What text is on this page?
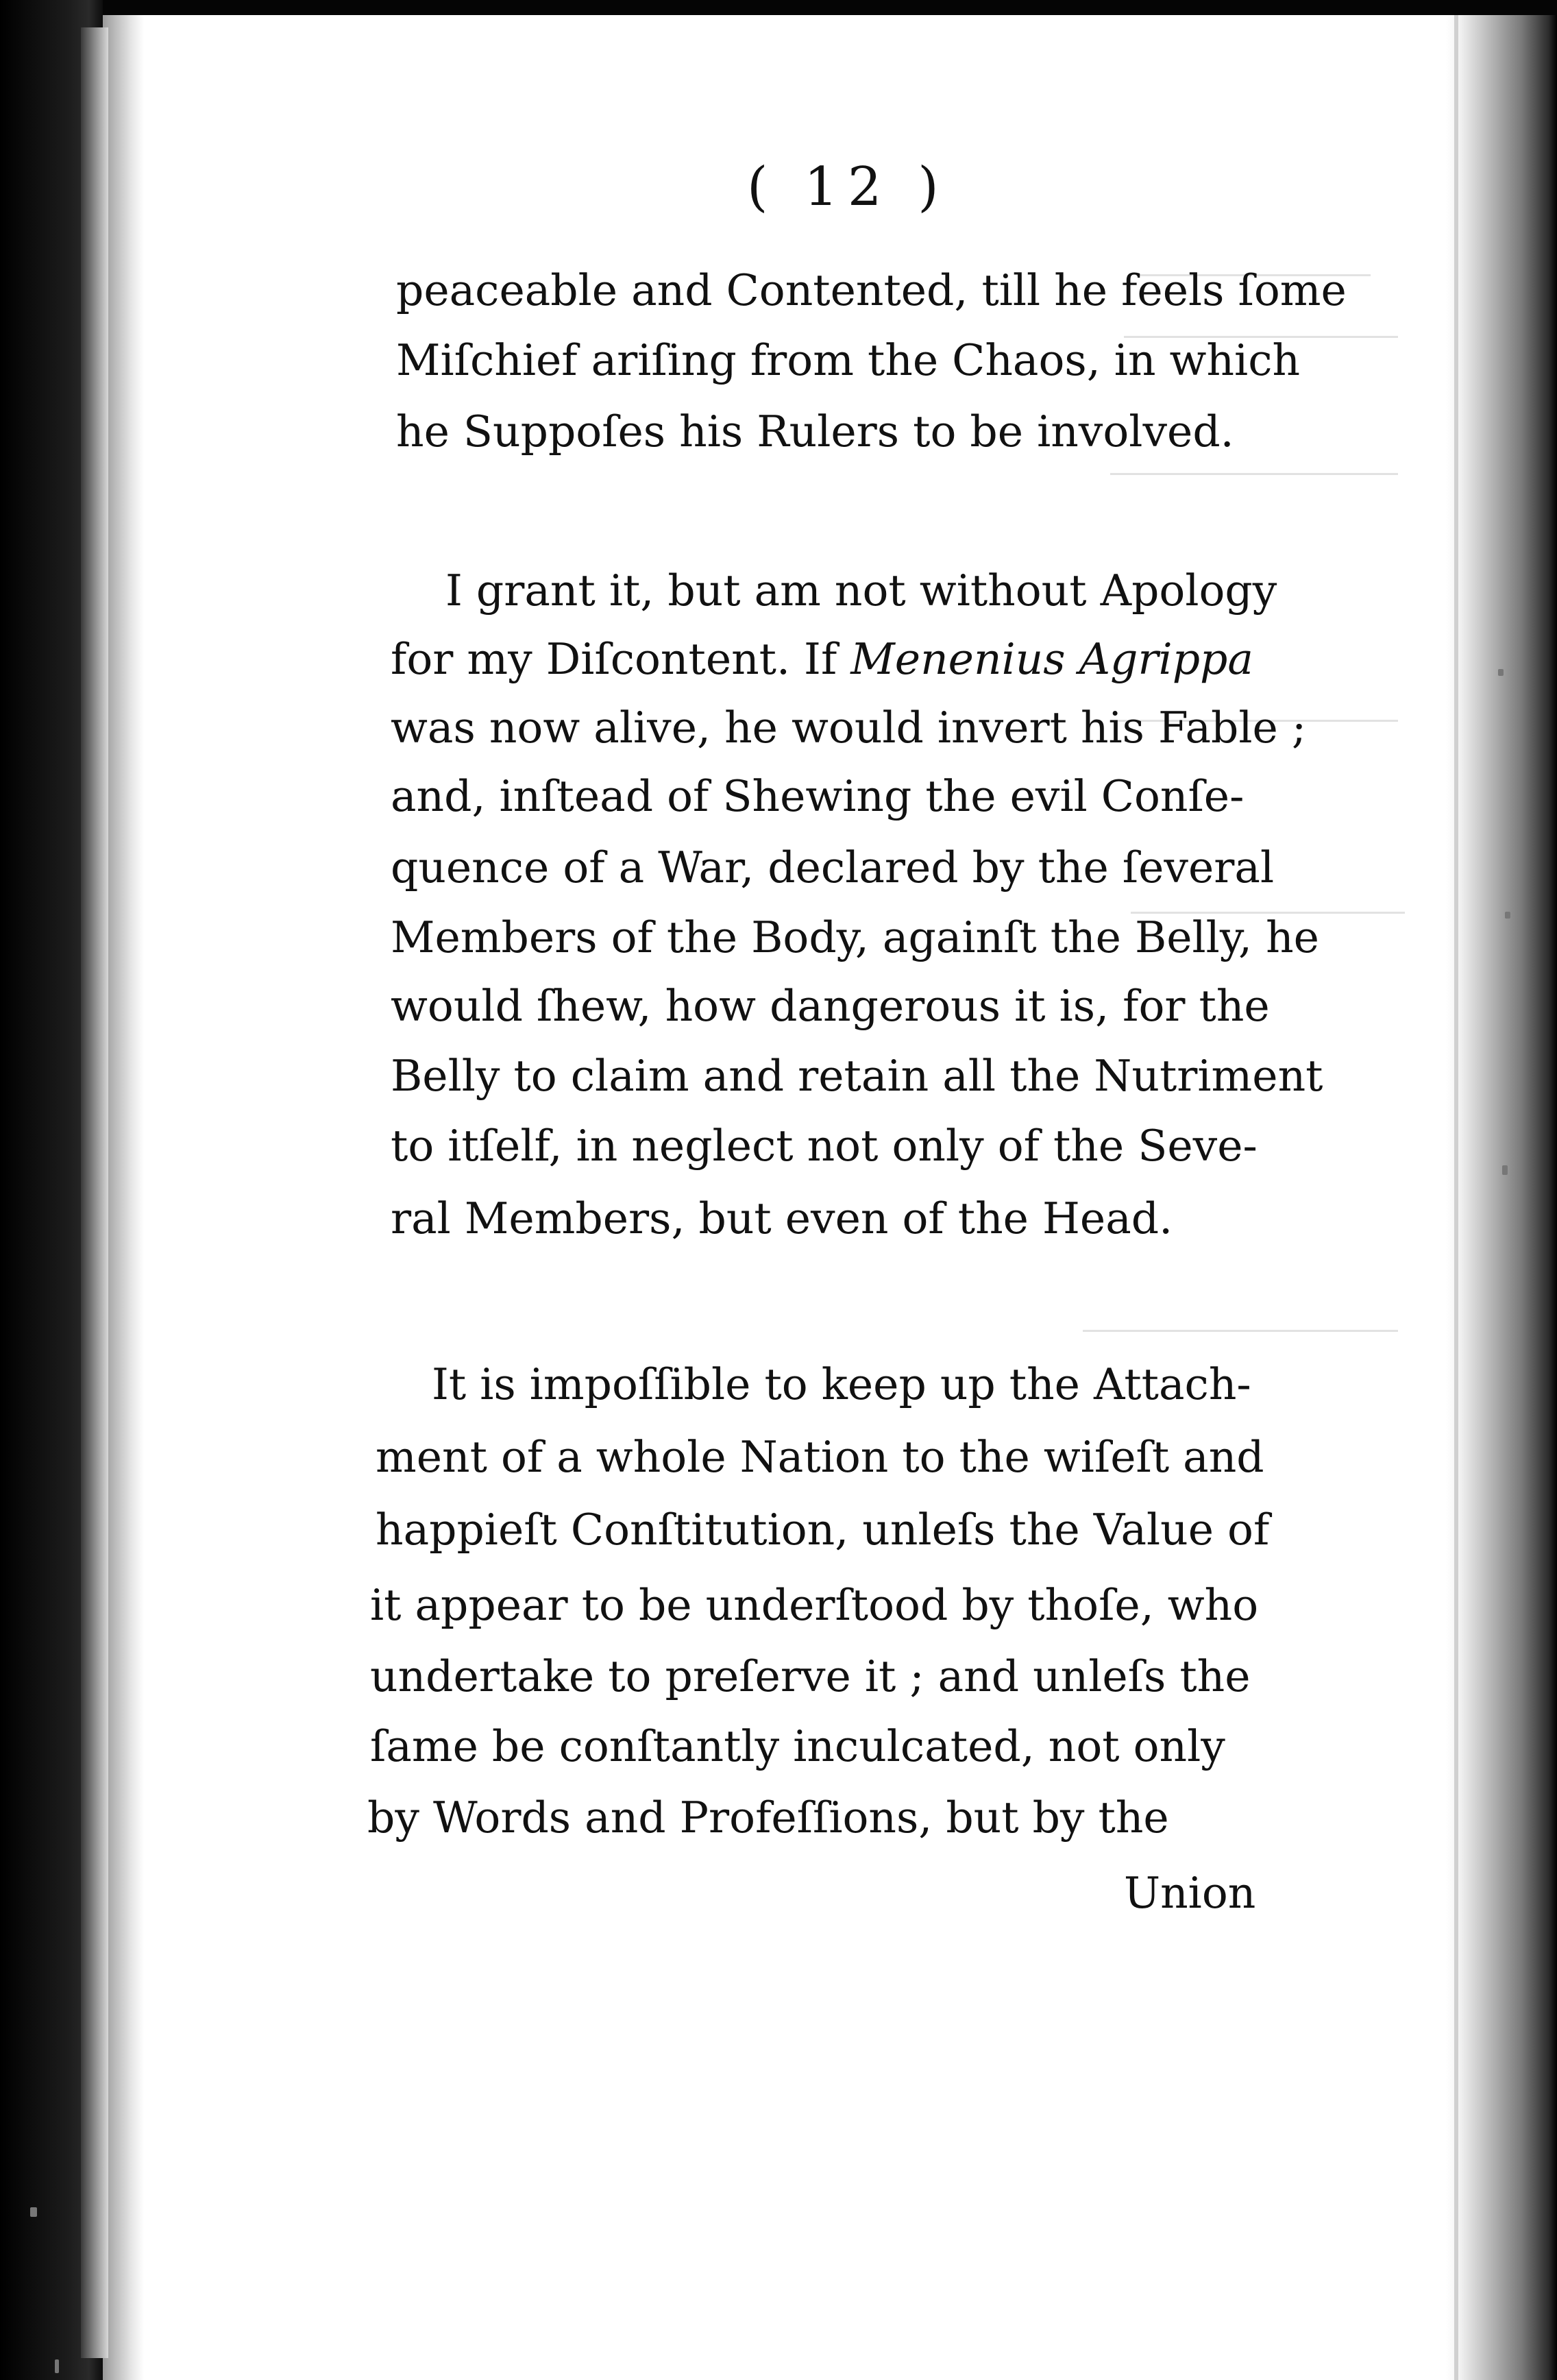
( 12 )
peaceable and Contented, till he feels ſome
Miſchief ariſing from the Chaos, in which
he Suppoſes his Rulers to be involved.
I grant it, but am not without Apology
for my Diſcontent. If Menenius Agrippa
was now alive, he would invert his Fable ;
and, inſtead of Shewing the evil Conſe-
quence of a War, declared by the ſeveral
Members of the Body, againſt the Belly, he
would ſhew, how dangerous it is, for the
Belly to claim and retain all the Nutriment
to itſelf, in neglect not only of the Seve-
ral Members, but even of the Head.
It is impoſſible to keep up the Attach-
ment of a whole Nation to the wiſeſt and
happieſt Conſtitution, unleſs the Value of
it appear to be underſtood by thoſe, who
undertake to preſerve it ; and unleſs the
ſame be conſtantly inculcated, not only
by Words and Profeſſions, but by the
Union
